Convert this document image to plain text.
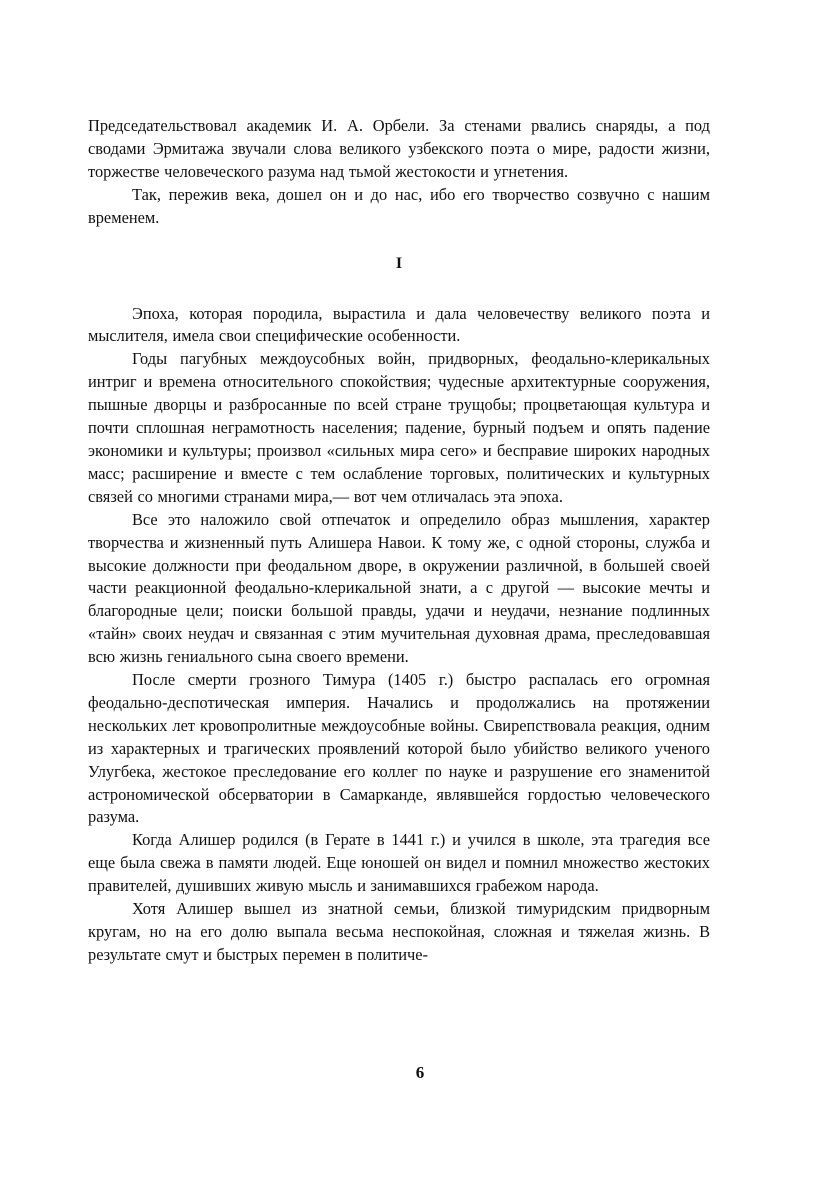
Председательствовал академик И. А. Орбели. За стенами рвались снаряды, а под сводами Эрмитажа звучали слова великого узбекского поэта о мире, радости жизни, торжестве человеческого разума над тьмой жестокости и угнетения.

Так, пережив века, дошел он и до нас, ибо его творчество созвучно с нашим временем.

I

Эпоха, которая породила, вырастила и дала человечеству великого поэта и мыслителя, имела свои специфические особенности.

Годы пагубных междоусобных войн, придворных, феодально-клерикальных интриг и времена относительного спокойствия; чудесные архитектурные сооружения, пышные дворцы и разбросанные по всей стране трущобы; процветающая культура и почти сплошная неграмотность населения; падение, бурный подъем и опять падение экономики и культуры; произвол «сильных мира сего» и бесправие широких народных масс; расширение и вместе с тем ослабление торговых, политических и культурных связей со многими странами мира,— вот чем отличалась эта эпоха.

Все это наложило свой отпечаток и определило образ мышления, характер творчества и жизненный путь Алишера Навои. К тому же, с одной стороны, служба и высокие должности при феодальном дворе, в окружении различной, в большей своей части реакционной феодально-клерикальной знати, а с другой — высокие мечты и благородные цели; поиски большой правды, удачи и неудачи, незнание подлинных «тайн» своих неудач и связанная с этим мучительная духовная драма, преследовавшая всю жизнь гениального сына своего времени.

После смерти грозного Тимура (1405 г.) быстро распалась его огромная феодально-деспотическая империя. Начались и продолжались на протяжении нескольких лет кровопролитные междоусобные войны. Свирепствовала реакция, одним из характерных и трагических проявлений которой было убийство великого ученого Улугбека, жестокое преследование его коллег по науке и разрушение его знаменитой астрономической обсерватории в Самарканде, являвшейся гордостью человеческого разума.

Когда Алишер родился (в Герате в 1441 г.) и учился в школе, эта трагедия все еще была свежа в памяти людей. Еще юношей он видел и помнил множество жестоких правителей, душивших живую мысль и занимавшихся грабежом народа.

Хотя Алишер вышел из знатной семьи, близкой тимуридским придворным кругам, но на его долю выпала весьма неспокойная, сложная и тяжелая жизнь. В результате смут и быстрых перемен в политиче-

6
